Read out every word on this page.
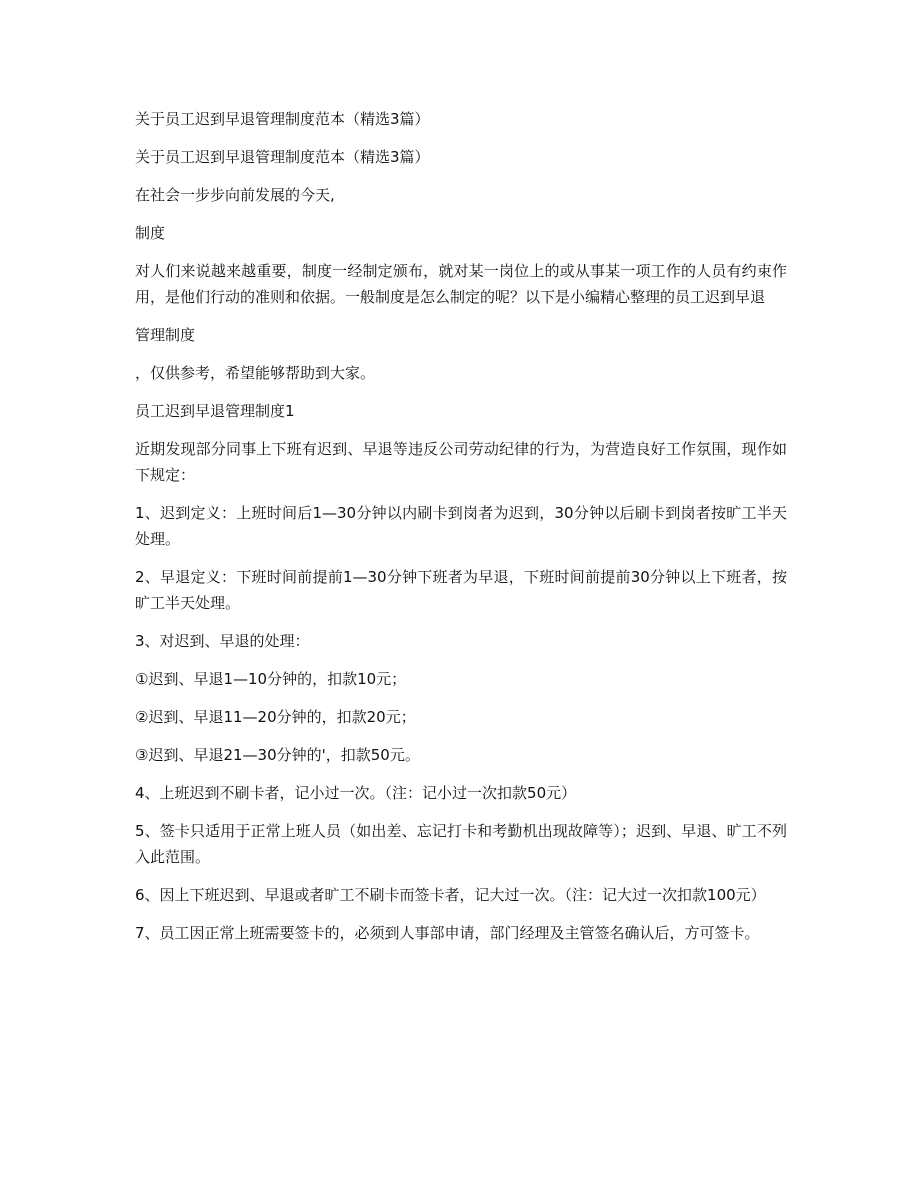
关于员工迟到早退管理制度范本（精选3篇）

关于员工迟到早退管理制度范本（精选3篇）

在社会一步步向前发展的今天,

制度

对人们来说越来越重要，制度一经制定颁布，就对某一岗位上的或从事某一项工作的人员有约束作用，是他们行动的准则和依据。一般制度是怎么制定的呢？以下是小编精心整理的员工迟到早退

管理制度

，仅供参考，希望能够帮助到大家。

员工迟到早退管理制度1

近期发现部分同事上下班有迟到、早退等违反公司劳动纪律的行为，为营造良好工作氛围，现作如下规定：

1、迟到定义：上班时间后1—30分钟以内刷卡到岗者为迟到，30分钟以后刷卡到岗者按旷工半天处理。

2、早退定义：下班时间前提前1—30分钟下班者为早退，下班时间前提前30分钟以上下班者，按旷工半天处理。

3、对迟到、早退的处理：

①迟到、早退1—10分钟的，扣款10元；

②迟到、早退11—20分钟的，扣款20元；

③迟到、早退21—30分钟的'，扣款50元。

4、上班迟到不刷卡者，记小过一次。（注：记小过一次扣款50元）

5、签卡只适用于正常上班人员（如出差、忘记打卡和考勤机出现故障等）；迟到、早退、旷工不列入此范围。

6、因上下班迟到、早退或者旷工不刷卡而签卡者，记大过一次。（注：记大过一次扣款100元）

7、员工因正常上班需要签卡的，必须到人事部申请，部门经理及主管签名确认后，方可签卡。
